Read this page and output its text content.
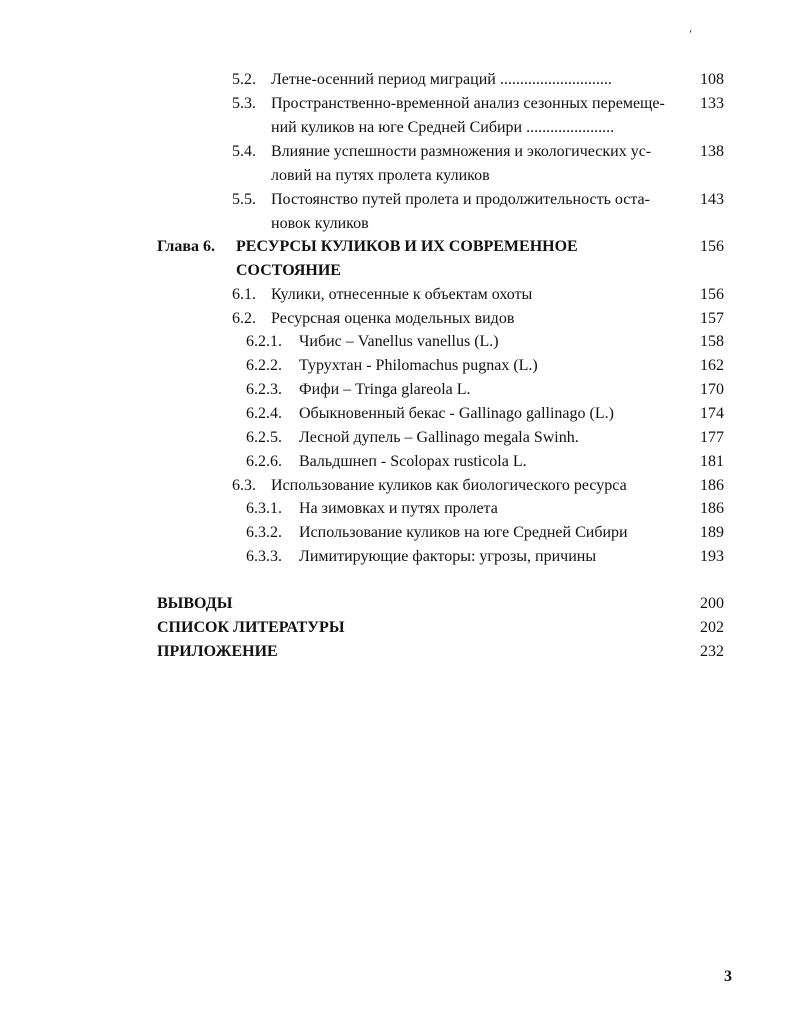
‘
5.2. Летне-осенний период миграций ............................	108
5.3. Пространственно-временной анализ сезонных перемеще-	133
ний куликов на юге Средней Сибири ......................
5.4. Влияние успешности размножения и экологических ус-	138
ловий на путях пролета куликов
5.5. Постоянство путей пролета и продолжительность оста-	143
новок куликов
Глава 6. РЕСУРСЫ КУЛИКОВ И ИХ СОВРЕМЕННОЕ	156
СОСТОЯНИЕ
6.1. Кулики, отнесенные к объектам охоты	156
6.2. Ресурсная оценка модельных видов	157
6.2.1. Чибис – Vanellus vanellus (L.)	158
6.2.2. Турухтан - Philomachus pugnax (L.)	162
6.2.3. Фифи – Tringa glareola L.	170
6.2.4. Обыкновенный бекас - Gallinago gallinago (L.)	174
6.2.5. Лесной дупель – Gallinago megala Swinh.	177
6.2.6. Вальдшнеп - Scolopax rusticola L.	181
6.3. Использование куликов как биологического ресурса	186
6.3.1. На зимовках и путях пролета	186
6.3.2. Использование куликов на юге Средней Сибири	189
6.3.3. Лимитирующие факторы: угрозы, причины	193
ВЫВОДЫ	200
СПИСОК ЛИТЕРАТУРЫ	202
ПРИЛОЖЕНИЕ	232
3
